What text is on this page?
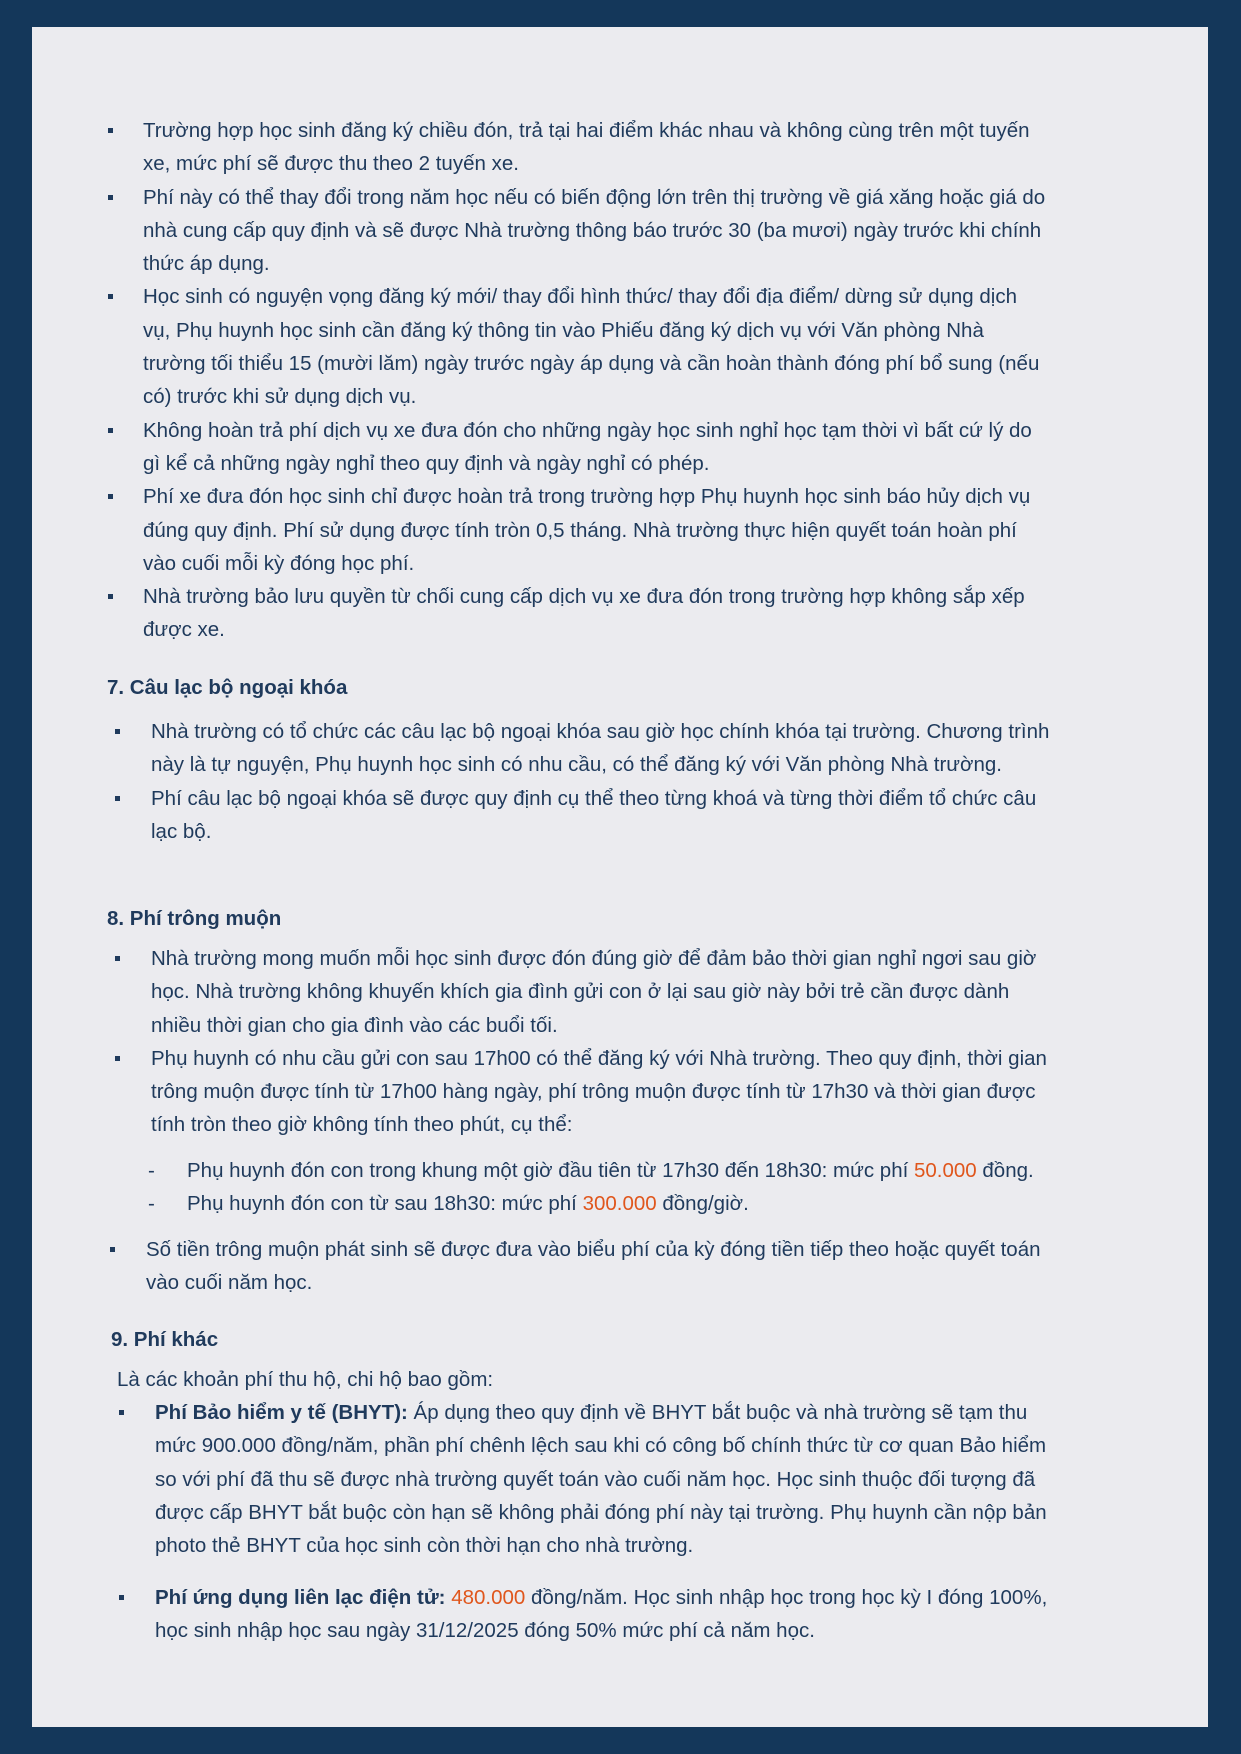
Trường hợp học sinh đăng ký chiều đón, trả tại hai điểm khác nhau và không cùng trên một tuyến xe, mức phí sẽ được thu theo 2 tuyến xe.
Phí này có thể thay đổi trong năm học nếu có biến động lớn trên thị trường về giá xăng hoặc giá do nhà cung cấp quy định và sẽ được Nhà trường thông báo trước 30 (ba mươi) ngày trước khi chính thức áp dụng.
Học sinh có nguyện vọng đăng ký mới/ thay đổi hình thức/ thay đổi địa điểm/ dừng sử dụng dịch vụ, Phụ huynh học sinh cần đăng ký thông tin vào Phiếu đăng ký dịch vụ với Văn phòng Nhà trường tối thiểu 15 (mười lăm) ngày trước ngày áp dụng và cần hoàn thành đóng phí bổ sung (nếu có) trước khi sử dụng dịch vụ.
Không hoàn trả phí dịch vụ xe đưa đón cho những ngày học sinh nghỉ học tạm thời vì bất cứ lý do gì kể cả những ngày nghỉ theo quy định và ngày nghỉ có phép.
Phí xe đưa đón học sinh chỉ được hoàn trả trong trường hợp Phụ huynh học sinh báo hủy dịch vụ đúng quy định. Phí sử dụng được tính tròn 0,5 tháng. Nhà trường thực hiện quyết toán hoàn phí vào cuối mỗi kỳ đóng học phí.
Nhà trường bảo lưu quyền từ chối cung cấp dịch vụ xe đưa đón trong trường hợp không sắp xếp được xe.
7. Câu lạc bộ ngoại khóa
Nhà trường có tổ chức các câu lạc bộ ngoại khóa sau giờ học chính khóa tại trường. Chương trình này là tự nguyện, Phụ huynh học sinh có nhu cầu, có thể đăng ký với Văn phòng Nhà trường.
Phí câu lạc bộ ngoại khóa sẽ được quy định cụ thể theo từng khoá và từng thời điểm tổ chức câu lạc bộ.
8. Phí trông muộn
Nhà trường mong muốn mỗi học sinh được đón đúng giờ để đảm bảo thời gian nghỉ ngơi sau giờ học. Nhà trường không khuyến khích gia đình gửi con ở lại sau giờ này bởi trẻ cần được dành nhiều thời gian cho gia đình vào các buổi tối.
Phụ huynh có nhu cầu gửi con sau 17h00 có thể đăng ký với Nhà trường. Theo quy định, thời gian trông muộn được tính từ 17h00 hàng ngày, phí trông muộn được tính từ 17h30 và thời gian được tính tròn theo giờ không tính theo phút, cụ thể:
- Phụ huynh đón con trong khung một giờ đầu tiên từ 17h30 đến 18h30: mức phí 50.000 đồng.
- Phụ huynh đón con từ sau 18h30: mức phí 300.000 đồng/giờ.
Số tiền trông muộn phát sinh sẽ được đưa vào biểu phí của kỳ đóng tiền tiếp theo hoặc quyết toán vào cuối năm học.
9. Phí khác

Là các khoản phí thu hộ, chi hộ bao gồm:

Phí Bảo hiểm y tế (BHYT): Áp dụng theo quy định về BHYT bắt buộc và nhà trường sẽ tạm thu mức 900.000 đồng/năm, phần phí chênh lệch sau khi có công bố chính thức từ cơ quan Bảo hiểm so với phí đã thu sẽ được nhà trường quyết toán vào cuối năm học. Học sinh thuộc đối tượng đã được cấp BHYT bắt buộc còn hạn sẽ không phải đóng phí này tại trường. Phụ huynh cần nộp bản photo thẻ BHYT của học sinh còn thời hạn cho nhà trường.
Phí ứng dụng liên lạc điện tử: 480.000 đồng/năm. Học sinh nhập học trong học kỳ I đóng 100%, học sinh nhập học sau ngày 31/12/2025 đóng 50% mức phí cả năm học.
